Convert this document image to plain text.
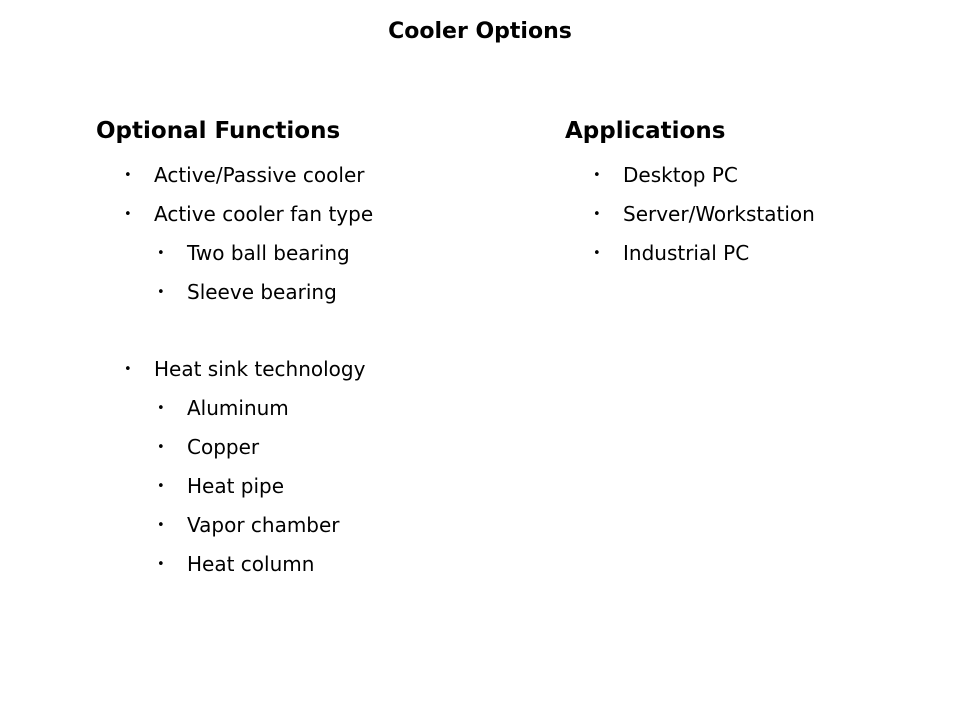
Cooler Options
Optional Functions
• Active/Passive cooler
• Active cooler fan type
• Two ball bearing
• Sleeve bearing
• Heat sink technology
• Aluminum
• Copper
• Heat pipe
• Vapor chamber
• Heat column
Applications
• Desktop PC
• Server/Workstation
• Industrial PC
